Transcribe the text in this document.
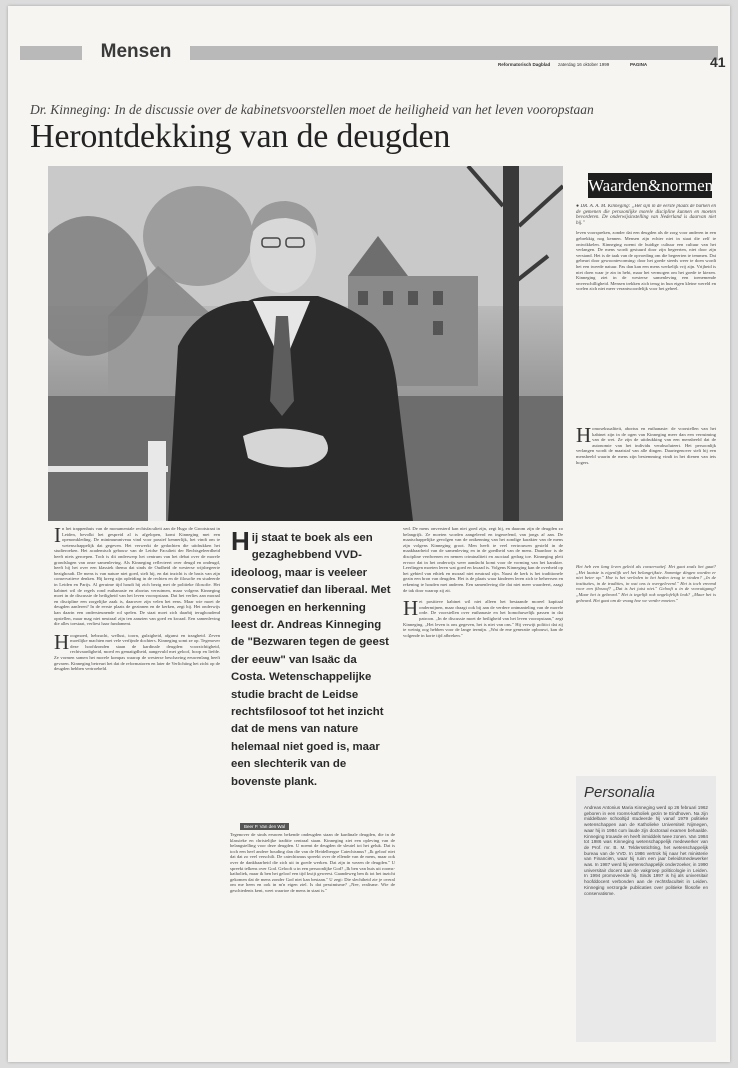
Mensen
Reformatorisch Dagblad zaterdag 16 oktober 1999	PAGINA	41
Dr. Kinneging: In de discussie over de kabinetsvoorstellen moet de heiligheid van het leven vooropstaan
Herontdekking van de deugden
Waarden&normen
● DR. A. A. M. Kinneging: „Het sijn in de eerste plaats de burken en de gemenen die persoonlijke morele discipline kunnen en moeten bevorderen. De onderwijsinstelling van Nederland is daarvan niet bij."
leven voorspreken, zonder dat een deugden als de zorg voor anderen in een gebrekkig nog kennen. Mensen zijn echter niet in staat die zelf te ontwikkelen. Kinneging noemt de huidige cultuur een cultuur van het verlangen. De mens wordt gestuurd door zijn begeerten, niet door zijn verstand. Het is de taak van de opvoeding om die begeerten te temmen. Dat gebeurt door gewoontevorming: door het goede steeds weer te doen wordt het een tweede natuur. Pas dan kan een mens werkelijk vrij zijn. Vrijheid is niet doen waar je zin in hebt, maar het vermogen om het goede te kiezen. Kinneging ziet in de westerse samenleving een toenemende onverschilligheid. Mensen trekken zich terug in hun eigen kleine wereld en voelen zich niet meer verantwoordelijk voor het geheel.
Homoseksualiteit, abortus en euthanasie: de voorstellen van het kabinet zijn in de ogen van Kinneging meer dan een verruiming van de wet. Ze zijn de uitdrukking van een mensbeeld dat de autonomie van het individu verabsoluteert. Het persoonlijk verlangen wordt de maatstaf van alle dingen. Daartegenover stelt hij een mensbeeld waarin de mens zijn bestemming vindt in het dienen van iets hogers.
Het heb een lang leven geleid als conservatief. Het gaat zoals het gaat? „Het laatste is eigenlijk wel het belangrijkste. Sommige dingen worden er niet beter op." Hoe is het verleden in het heden terug te vinden? „In de instituties, in de tradities, in wat ons is overgeleverd." Het is toch vreemd voor een filosoof? „Dat is het juist niet." Gelooft u in de vooruitgang? „Maar het is gebeurd." Het is tegelijk ook ongelofelijk leuk? „Maar het is gebeurd. Het gaat om de vraag hoe we verder moeten."
In het trappenhuis van de monumentale rechtsfaculteit aan de Hugo de Grootstraat in Leiden, bevolkt het gespreid al is afgelopen, komt Kinneging met een openomkleding. De minimumniveau vind voor passief kennerlijk, het vindt om te wetenschappelijk dat gegeven. Het verwerkt de gedachten die uitdrukken het studieroeken. Het academisch gebouw van de Leidse Faculteit der Rechtsgeleerdheid heeft niets geroepen. Toch is dit onderwerp het centrum van het debat over de morele grondslagen van onze samenleving. Als Kinneging reflecteert over deugd en ondeugd, heeft hij het over een klassiek thema dat sinds de Oudheid de westerse wijsbegeerte bezighoudt. De mens is van nature niet goed, stelt hij, en dat inzicht is de basis van zijn conservatieve denken. Hij kreeg zijn opleiding in de rechten en de filosofie en studeerde in Leiden en Parijs. Al geruime tijd houdt hij zich bezig met de politieke filosofie. Het kabinet wil de regels rond euthanasie en abortus verruimen, maar volgens Kinneging moet in de discussie de heiligheid van het leven vooropstaan. Dat het verlies aan moraal en discipline een zorgelijke zaak is, daarover zijn velen het eens. Maar wie moet de deugden aanleren? In de eerste plaats de gezinnen en de kerken, zegt hij. Het onderwijs kan daarin een ondersteunende rol spelen. De staat moet zich daarbij terughoudend opstellen, maar mag niet neutraal zijn ten aanzien van goed en kwaad. Een samenleving die alles toestaat, verliest haar fundament.
H oogmoed, hebzucht, wellust, toorn, gulzigheid, afgunst en traagheid. Zeven moeilijke machten met vele verfijnde dochters. Kinneging somt ze op. Tegenover deze hoofdzonden staan de kardinale deugden: voorzichtigheid, rechtvaardigheid, moed en gematigdheid, aangevuld met geloof, hoop en liefde. Ze vormen samen het morele kompas waarop de westerse beschaving eeuwenlang heeft gevaren. Kinneging betreurt het dat de reformatoren en later de Verlichting het zicht op de deugden hebben vertroebeld.
Hij staat te boek als een gezaghebbend VVD-ideoloog, maar is veeleer conservatief dan liberaal. Met genoegen en herkenning leest dr. Andreas Kinneging de "Bezwaren tegen de geest der eeuw" van Isaäc da Costa. Wetenschappelijke studie bracht de Leidse rechtsfilosoof tot het inzicht dat de mens van nature helemaal niet goed is, maar een slechterik van de bovenste plank.
Beer P. Van den Wal
Tegenover de sinds eeuwen bekende ondeugden staan de kardinale deugden, die in de klassieke en christelijke traditie centraal staan. Kinneging ziet een opleving van de belangstelling voor deze deugden. U noemt de deugden de sleutel tot het geluk. Dat is toch een heel andere houding dan die van de Heidelbergse Catechismus? „Ik geloof niet dat dat zo veel verschilt. De catechismus spreekt over de ellende van de mens, maar ook over de dankbaarheid die zich uit in goede werken. Dat zijn in wezen de deugden." U spreekt telkens over God. Gelooft u in een persoonlijke God? „Ik ben van huis uit rooms-katholiek, maar ik ben het geloof een tijd kwijt geweest. Gaandeweg ben ik tot het inzicht gekomen dat de mens zonder God niet kan bestaan." U zegt: Die slechtheid zie je overal om me heen en ook in m'n eigen ziel. Is dat pessimisme? „Nee, realisme. Wie de geschiedenis kent, weet waartoe de mens in staat is."
ved. De mens onversterd kan niet goed zijn, zegt hij, en daarom zijn de deugden zo belangrijk. Ze moeten worden aangeleerd en ingeoefend, van jongs af aan. De maatschappelijke gevolgen van de ontkenning van het zondige karakter van de mens zijn volgens Kinneging groot. Men heeft te veel vertrouwen gesteld in de maakbaarheid van de samenleving en in de goedheid van de mens. Daardoor is de discipline verdwenen en nemen criminaliteit en asociaal gedrag toe. Kinneging pleit ervoor dat in het onderwijs weer aandacht komt voor de vorming van het karakter. Leerlingen moeten leren wat goed en kwaad is. Volgens Kinneging kan de overheid op het gebied van ethiek en moraal niet neutraal zijn. Naast de kerk is het traditionele gezin een bron van deugden. Het is de plaats waar kinderen leren zich te beheersen en rekening te houden met anderen. Een samenleving die dat niet meer waardeert, zaagt de tak door waarop zij zit.
H et positieve kabinet wil niet alleen het bestaande moreel kapitaal ondermijnen, maar draagt ook bij aan de verdere ontmanteling van de morele orde. De voorstellen over euthanasie en het homohuwelijk passen in dat patroon. „In de discussie moet de heiligheid van het leven vooropstaan," zegt Kinneging. „Het leven is ons gegeven, het is niet van ons." Hij verwijt politici dat zij te weinig oog hebben voor de lange termijn. „Wat de ene generatie opbouwt, kan de volgende in korte tijd afbreken."
Personalia
Andreas Antonius Maria Kinneging werd op 26 februari 1962 geboren in een rooms-katholiek gezin te Eindhoven. Na zijn middelbare schooltijd studeerde hij vanaf 1979 politieke wetenschappen aan de Katholieke Universiteit Nijmegen, waar hij in 1984 cum laude zijn doctoraal examen behaalde. Kinneging trouwde en heeft inmiddels twee zonen. Van 1984 tot 1986 was Kinneging wetenschappelijk medewerker van de Prof. mr. B. M. Teldersstichting, het wetenschappelijk bureau van de VVD. In 1986 vertrok hij naar het ministerie van Financiën, waar hij ruim een jaar beleidsmedewerker was. In 1987 werd hij wetenschappelijk onderzoeker, in 1990 universitair docent aan de vakgroep politicologie in Leiden. In 1994 promoveerde hij. Sinds 1997 is hij als universitair hoofddocent verbonden aan de rechtsfaculteit in Leiden. Kinneging verzorgde publicaties over politieke filosofie en conservatisme.
